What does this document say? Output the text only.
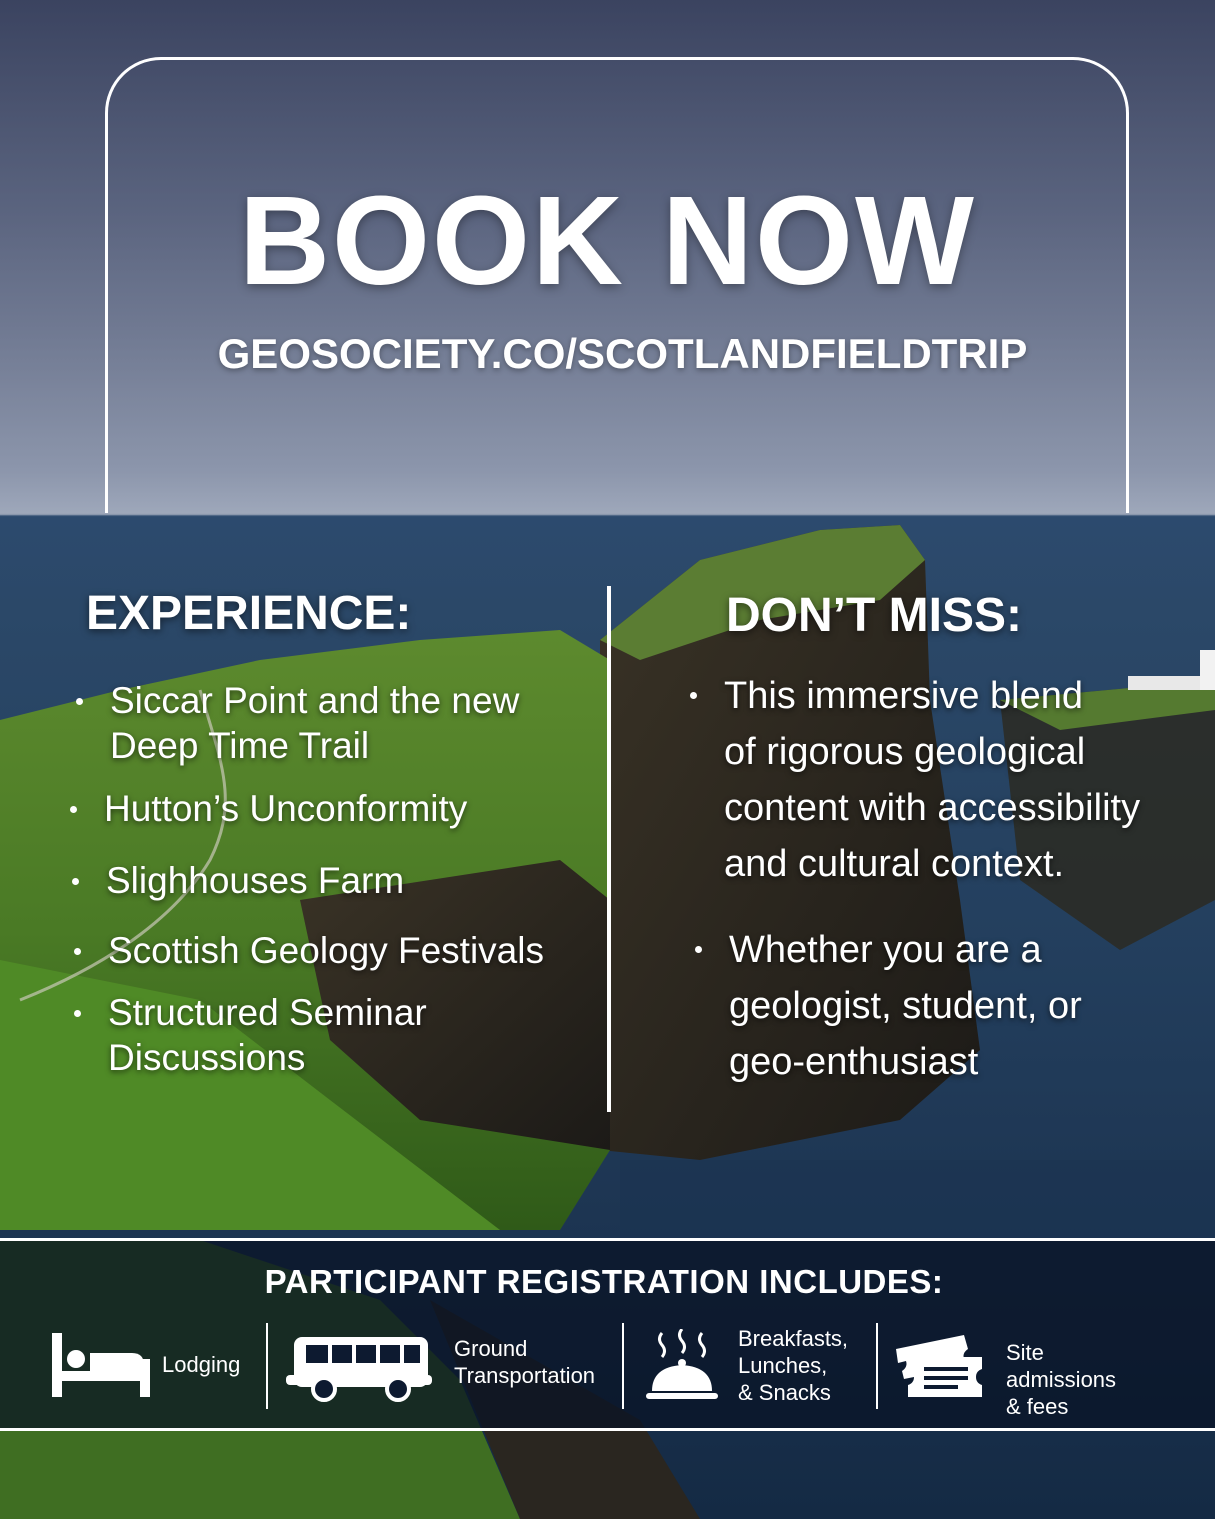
BOOK NOW
GEOSOCIETY.CO/SCOTLANDFIELDTRIP
EXPERIENCE:
Siccar Point and the new
Deep Time Trail
Hutton’s Unconformity
Slighhouses Farm
Scottish Geology Festivals
Structured Seminar
Discussions
DON’T MISS:
This immersive blend
of rigorous geological
content with accessibility
and cultural context.
Whether you are a
geologist, student, or
geo-enthusiast
PARTICIPANT REGISTRATION INCLUDES:
Lodging
Ground
Transportation
Breakfasts,
Lunches,
& Snacks
Site admissions
& fees
